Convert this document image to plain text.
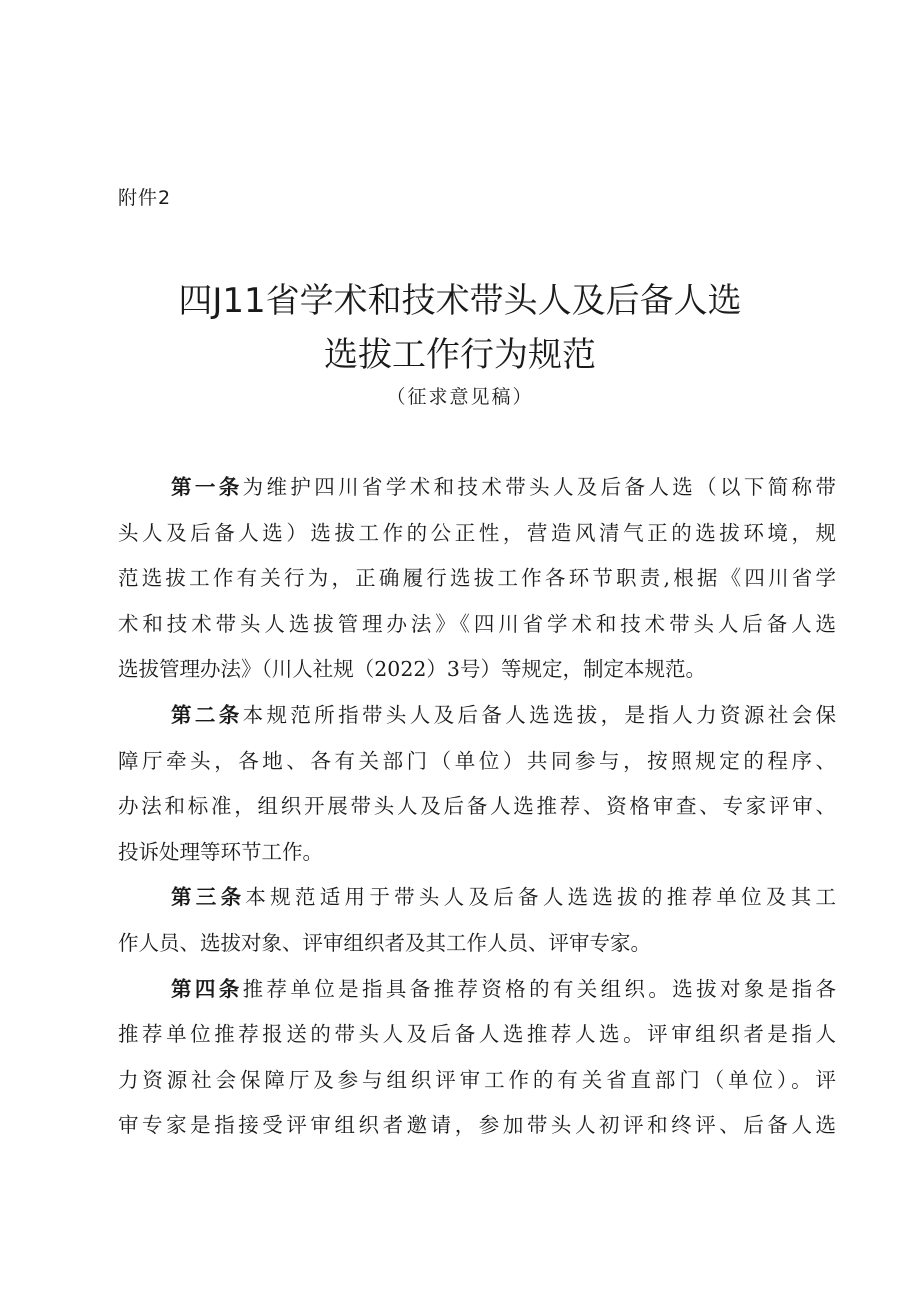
附件2
四J11省学术和技术带头人及后备人选
选拔工作行为规范
（征求意见稿）
第一条为维护四川省学术和技术带头人及后备人选（以下简称带
头人及后备人选）选拔工作的公正性，营造风清气正的选拔环境，规
范选拔工作有关行为，正确履行选拔工作各环节职责,根据《四川省学
术和技术带头人选拔管理办法》《四川省学术和技术带头人后备人选
选拔管理办法》（川人社规（2022）3号）等规定，制定本规范。
第二条本规范所指带头人及后备人选选拔，是指人力资源社会保
障厅牵头，各地、各有关部门（单位）共同参与，按照规定的程序、
办法和标准，组织开展带头人及后备人选推荐、资格审查、专家评审、
投诉处理等环节工作。
第三条本规范适用于带头人及后备人选选拔的推荐单位及其工
作人员、选拔对象、评审组织者及其工作人员、评审专家。
第四条推荐单位是指具备推荐资格的有关组织。选拔对象是指各
推荐单位推荐报送的带头人及后备人选推荐人选。评审组织者是指人
力资源社会保障厅及参与组织评审工作的有关省直部门（单位）。评
审专家是指接受评审组织者邀请，参加带头人初评和终评、后备人选
